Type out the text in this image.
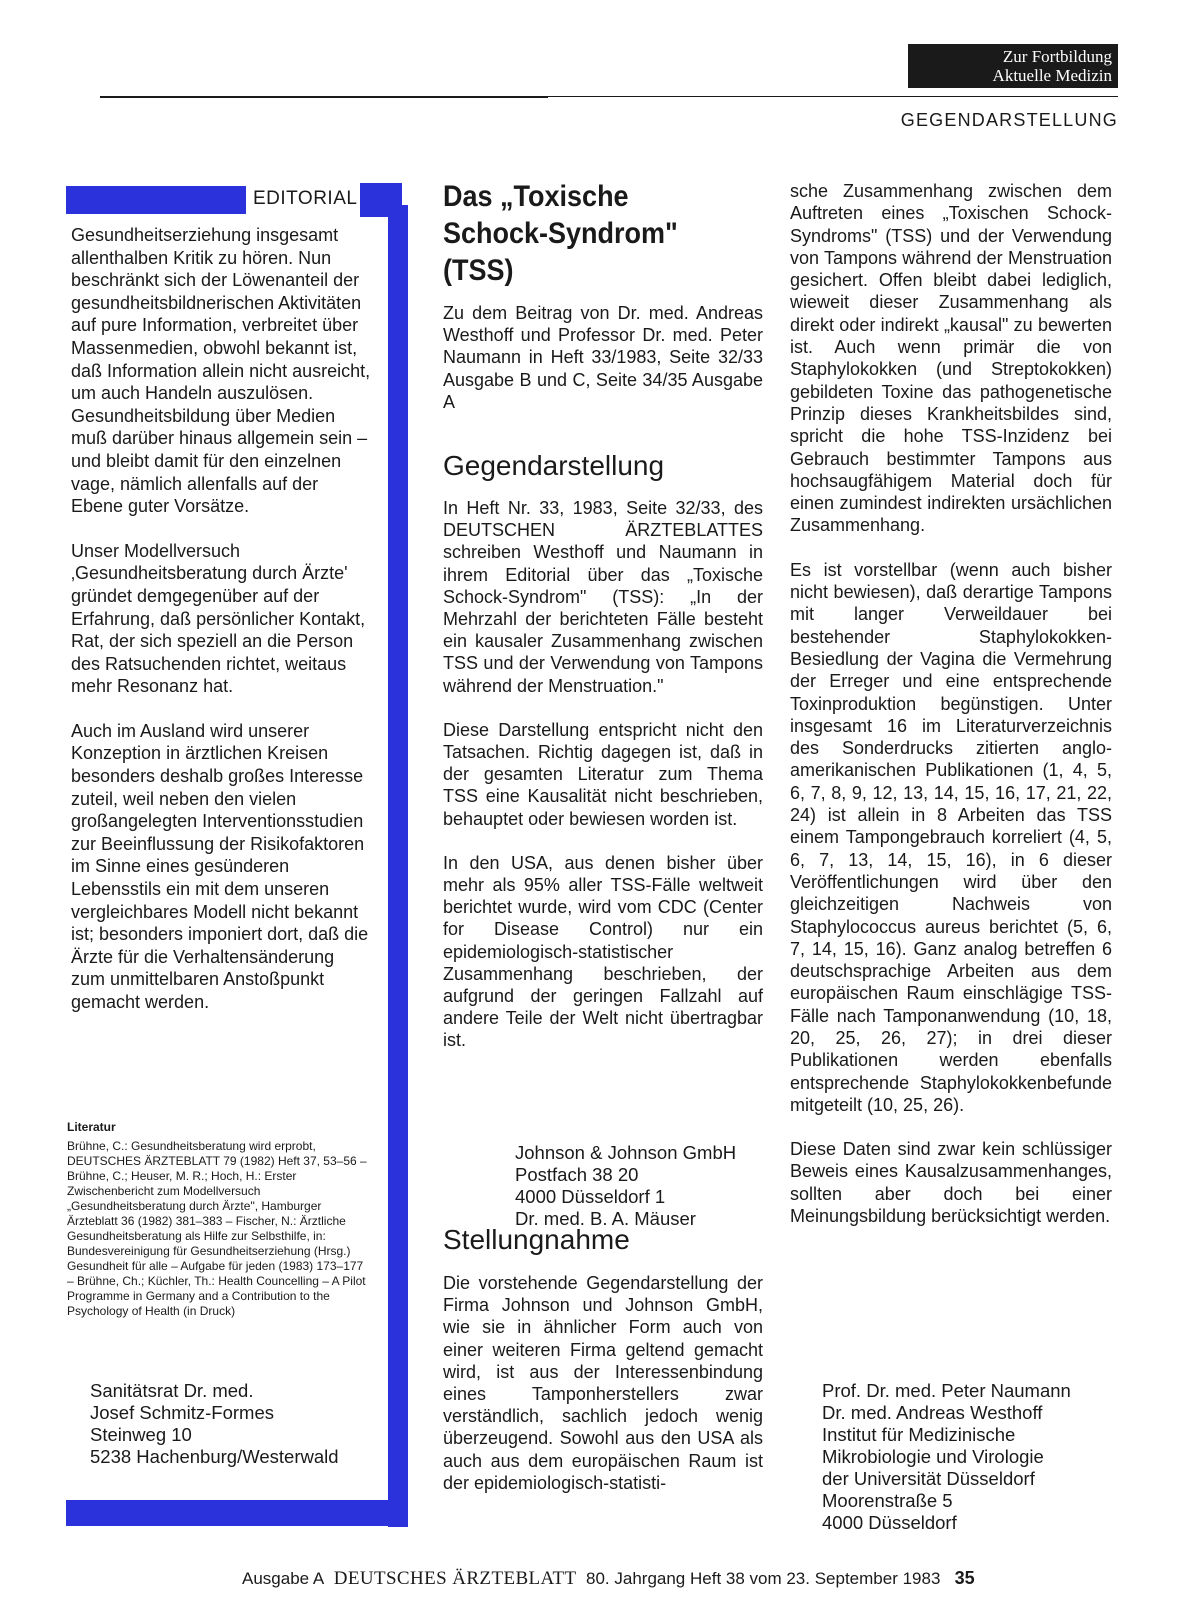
Zur Fortbildung
Aktuelle Medizin
GEGENDARSTELLUNG
EDITORIAL

Gesundheitserziehung insgesamt allenthalben Kritik zu hören. Nun beschränkt sich der Löwenanteil der gesundheitsbildnerischen Aktivitäten auf pure Information, verbreitet über Massenmedien, obwohl bekannt ist, daß Information allein nicht ausreicht, um auch Handeln auszulösen. Gesundheitsbildung über Medien muß darüber hinaus allgemein sein – und bleibt damit für den einzelnen vage, nämlich allenfalls auf der Ebene guter Vorsätze.

Unser Modellversuch ‚Gesundheitsberatung durch Ärzte' gründet demgegenüber auf der Erfahrung, daß persönlicher Kontakt, Rat, der sich speziell an die Person des Ratsuchenden richtet, weitaus mehr Resonanz hat.

Auch im Ausland wird unserer Konzeption in ärztlichen Kreisen besonders deshalb großes Interesse zuteil, weil neben den vielen großangelegten Interventionsstudien zur Beeinflussung der Risikofaktoren im Sinne eines gesünderen Lebensstils ein mit dem unseren vergleichbares Modell nicht bekannt ist; besonders imponiert dort, daß die Ärzte für die Verhaltensänderung zum unmittelbaren Anstoßpunkt gemacht werden.

Literatur
Brühne, C.: Gesundheitsberatung wird erprobt, DEUTSCHES ÄRZTEBLATT 79 (1982) Heft 37, 53–56 – Brühne, C.; Heuser, M. R.; Hoch, H.: Erster Zwischenbericht zum Modellversuch „Gesundheitsberatung durch Ärzte", Hamburger Ärzteblatt 36 (1982) 381–383 – Fischer, N.: Ärztliche Gesundheitsberatung als Hilfe zur Selbsthilfe, in: Bundesvereinigung für Gesundheitserziehung (Hrsg.) Gesundheit für alle – Aufgabe für jeden (1983) 173–177 – Brühne, Ch.; Küchler, Th.: Health Councelling – A Pilot Programme in Germany and a Contribution to the Psychology of Health (in Druck)
Sanitätsrat Dr. med.
Josef Schmitz-Formes
Steinweg 10
5238 Hachenburg/Westerwald
Das „Toxische
Schock-Syndrom"
(TSS)
Zu dem Beitrag von Dr. med. Andreas Westhoff und Professor Dr. med. Peter Naumann in Heft 33/1983, Seite 32/33 Ausgabe B und C, Seite 34/35 Ausgabe A
Gegendarstellung

In Heft Nr. 33, 1983, Seite 32/33, des DEUTSCHEN ÄRZTEBLATTES schreiben Westhoff und Naumann in ihrem Editorial über das „Toxische Schock-Syndrom" (TSS): „In der Mehrzahl der berichteten Fälle besteht ein kausaler Zusammenhang zwischen TSS und der Verwendung von Tampons während der Menstruation."

Diese Darstellung entspricht nicht den Tatsachen. Richtig dagegen ist, daß in der gesamten Literatur zum Thema TSS eine Kausalität nicht beschrieben, behauptet oder bewiesen worden ist.

In den USA, aus denen bisher über mehr als 95% aller TSS-Fälle weltweit berichtet wurde, wird vom CDC (Center for Disease Control) nur ein epidemiologisch-statistischer Zusammenhang beschrieben, der aufgrund der geringen Fallzahl auf andere Teile der Welt nicht übertragbar ist.

Johnson & Johnson GmbH
Postfach 38 20
4000 Düsseldorf 1
Dr. med. B. A. Mäuser
Stellungnahme
Die vorstehende Gegendarstellung der Firma Johnson und Johnson GmbH, wie sie in ähnlicher Form auch von einer weiteren Firma geltend gemacht wird, ist aus der Interessenbindung eines Tamponherstellers zwar verständlich, sachlich jedoch wenig überzeugend. Sowohl aus den USA als auch aus dem europäischen Raum ist der epidemiologisch-statisti-

sche Zusammenhang zwischen dem Auftreten eines „Toxischen Schock-Syndroms" (TSS) und der Verwendung von Tampons während der Menstruation gesichert. Offen bleibt dabei lediglich, wieweit dieser Zusammenhang als direkt oder indirekt „kausal" zu bewerten ist. Auch wenn primär die von Staphylokokken (und Streptokokken) gebildeten Toxine das pathogenetische Prinzip dieses Krankheitsbildes sind, spricht die hohe TSS-Inzidenz bei Gebrauch bestimmter Tampons aus hochsaugfähigem Material doch für einen zumindest indirekten ursächlichen Zusammenhang.

Es ist vorstellbar (wenn auch bisher nicht bewiesen), daß derartige Tampons mit langer Verweildauer bei bestehender Staphylokokken-Besiedlung der Vagina die Vermehrung der Erreger und eine entsprechende Toxinproduktion begünstigen. Unter insgesamt 16 im Literaturverzeichnis des Sonderdrucks zitierten anglo-amerikanischen Publikationen (1, 4, 5, 6, 7, 8, 9, 12, 13, 14, 15, 16, 17, 21, 22, 24) ist allein in 8 Arbeiten das TSS einem Tampongebrauch korreliert (4, 5, 6, 7, 13, 14, 15, 16), in 6 dieser Veröffentlichungen wird über den gleichzeitigen Nachweis von Staphylococcus aureus berichtet (5, 6, 7, 14, 15, 16). Ganz analog betreffen 6 deutschsprachige Arbeiten aus dem europäischen Raum einschlägige TSS-Fälle nach Tamponanwendung (10, 18, 20, 25, 26, 27); in drei dieser Publikationen werden ebenfalls entsprechende Staphylokokkenbefunde mitgeteilt (10, 25, 26).

Diese Daten sind zwar kein schlüssiger Beweis eines Kausalzusammenhanges, sollten aber doch bei einer Meinungsbildung berücksichtigt werden.

Prof. Dr. med. Peter Naumann
Dr. med. Andreas Westhoff
Institut für Medizinische
Mikrobiologie und Virologie
der Universität Düsseldorf
Moorenstraße 5
4000 Düsseldorf
Ausgabe A DEUTSCHES ÄRZTEBLATT 80. Jahrgang Heft 38 vom 23. September 1983 35
